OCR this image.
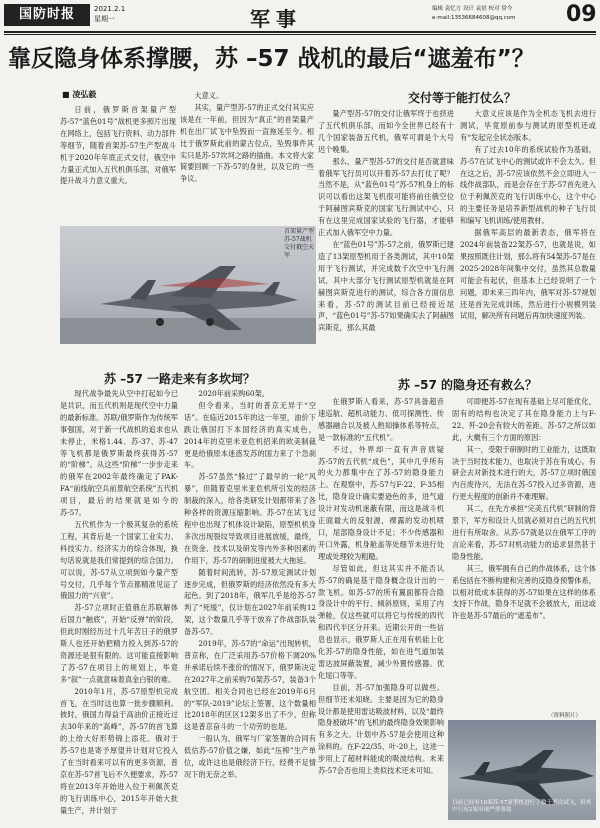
国防时报	2021.2.1
星期一	军事	编辑 袁忆方 设计 袁晨 校对 常今
e-mail:13536684608@qq.com	09
靠反隐身体系撑腰，苏 –57 战机的最后“遮羞布”？
■ 凌弘毅

日前，俄罗斯首架量产型苏-57“蓝色01号”战机更多照片出现在网络上，包括飞行资料、动力部件等细节，随着首架苏-57生产型战斗机于2020年年底正式交付，俄空中力量正式加入五代机俱乐部，对俄军提升战斗力意义重大。

大意义。

其实，量产型苏-57的正式交付其实应该是在一年前，但因为“真正”的首架量产机在出厂试飞中坠毁而一直拖延至今。相比于俄罗斯此前的蒙古位点，坠毁事件其实只是苏-57坎坷之路的插曲。本文将大家简要回顾一下苏-57的身世，以及它的一些争议。

首架量产型苏-57战机交付俄空天军
苏 –57 一路走来有多坎坷？

现代战争最先从空中打起如今已是共识，而五代机则是现代空中力量的最新标准。苏联/俄罗斯作为传统军事强国，对于新一代战机的追求也从未停止，米格1.44、苏-37、苏-47等飞机都是俄罗斯最终获得苏-57的“阶梯”。从这些“阶梯”一步步走来的俄军在2002年最终确定了PAK-FA“前线航空兵前景航空系统”五代机项目，最后的结果就是如今的苏-57。

五代机作为一个极其复杂的系统工程，其背后是一个国家工业实力、科技实力、经济实力的综合体现，换句话说就是我们常提到的综合国力。可以说，苏-57从立项到如今量产型号交付，几乎每个节点都精准见证了俄国力的“兴衰”。

苏-57立项时正值俄在苏联解体后国力“触底”，开始“反弹”的阶段，但此时刚经历过十几年苦日子的俄罗斯人也还开始把精力投入到苏-57的资源还是很有限的。这可能直接影响了苏-57在项目上的规划上，毕竟多“叙”一点就意味着真金白银的难。

2010年1月，苏-57原型机完成首飞，在当时这也算一批步骤顺利。彼时，俄国力得益于高油价正接近过去30年来的“高峰”，苏-57的首飞算的上给大好形势锦上添花。俄对于苏-57也是寄予厚望并计划对它投入了在当时看来可以有的更多资源，普京在苏-57首飞后不久便要求，苏-57将在2013年开始进入位于利佩茨克的飞行训练中心，2015年开始大批量生产，并计划于

2020年前采购60架。

但令看来，当时的普京无异于“空话”。在临近2015年的这一年里，油价下跌让俄国打下本国经济的真实成色，2014年的克里米亚危机招来的欧美制裁更是给俄原本迷惑发苏的国力来了个急刹车。

苏-57虽然“躲过”了最早的一轮“风暴”，但随着克里米亚危机所引发的经济制裁的深入，给各类研发计划都带来了各种各样的资源压缩影响。苏-57在试飞过程中也出现了机体设计缺陷，原型机机身多次出现裂纹导致项目进展放缓，最终，在资金、技术以及研发等内外多种因素的作用下，苏-57的研制进度被大大拖延。

随着时间流转，苏-57原定测试计划逐步完成，但俄罗斯的经济依然没有多大起色。到了2018年，俄军几乎是给苏-57判了“死缓”，仅计划在2027年前采购12架，这个数量几乎等于放弃了作战部队装备苏-57。

2019年，苏-57的“命运”出现转机，普京称，在广泛采用苏-57价格下调20%并承诺后续不涨价的情况下，俄罗斯决定在2027年之前采购76架苏-57，装备3个航空团。相关合同也已经在2019年6月的“军队-2019”论坛上签署，这个数量相比2018年的区区12架多出了不少，但称这是普京奋斗的一个功劳的也是。

一般认为，俄军与厂家签署的合同有低估苏-57价值之嫌，如此“压榨”生产单位，或许这也是俄经济下行，经费不足情况下的无奈之举。

交付等于能打仗么？

量产型苏-57的交付让俄军终于也挤进了五代机俱乐部，而如今全世界已经有十几个国家装备五代机，俄军可谓是个大号迟个晚集。

那么，量产型苏-57的交付是否就意味着俄军飞行员可以开着苏-57去打仗了呢？当然不是，从“蓝色01号”苏-57机身上的标识可以看出这架飞机很可能将前往俄空位于阿赫图宾斯克的国家飞行测试中心，只有在这里完成国家试验的飞行器，才能够正式加入俄军空中力量。

在“蓝色01号”苏-57之前，俄罗斯已建造了13架原型机用于各类测试，其中10架用于飞行测试，并完成数千次空中飞行测试，其中大部分飞行测试原型机就是在阿赫图宾斯克进行的测试，综合各方面信息来看，苏-57的测试目前已经接近尾声，“蓝色01号”苏-57如果确实去了阿赫图宾斯克，那么其最

大意义应该是作为全机态飞机去进行测试，毕竟原前参与测试的原型机还或有“发起完全状态版本。

有了过去10年的系统试验作为基础，苏-57在试飞中心的测试或许不会太久。但在这之后，苏-57应该依然不会立即进入一线作战部队，而是会存在于苏-57首先进入位于利佩茨克的飞行训练中心，这个中心的主要任务是培养新型战机的种子飞行员和编写飞机训练/使用教材。

据俄军高层的最新表态，俄军将在2024年前装备22架苏-57，也就是说，如果按照既往计划，那么将有54架苏-57是在2025-2028年间集中交付，虽然其总数量可能会有起伏，但基本上已经说明了一个问题，即未来三四年内，俄军对苏-57规划还是首先完成训练，然后进行小规模列装试用，解决所有问题后再加快速度列装。

苏 –57 的隐身还有救么？

在俄罗斯人看来，苏-57具备超音速巡航、超机动能力、低可探测性、传感器融合以及被人熟知操体系等特点，是一款标准的“五代机”。

不过，外界却一直有声音质疑苏-57的五代机“成色”，其中几乎所有的火力都集中在了苏-57的隐身能力上。在观察中，苏-57与F-22、F-35相比，隐身设计确实要逊色的多，进气道设计对发动机迷蔽有限，而这是战斗机正面最大的反射源，裸露的发动机喷口，尾部隐身设计不足；不少传感器和开口外露，机身舱盖等处细节未进行处理或处理较为粗糙。

尽管如此，但这其实并不能否认苏-57的确是基于隐身概念设计出的一款飞机。如苏-57的所有翼面都符合隐身设计中的平行、倾斜原则，采用了内弹舱，仅这些就可以将它与传统的四代和四代半区分开来。近期公开的一些信息也显示，俄罗斯人正在用有机硅上化化苏-57的隐身性能，如在进气道加装雷达波屏蔽装置，减少外置传感器。优化尾口等等。

目前，苏-57加强隐身可以做些。但细节还未知晓。主要是因为它的隐身设计都是使用雷达吸波材料，以及“最终隐身被破坏”的飞机的最终隐身效果影响有多之大。计划中苏-57是会使用这种涂料的。在F-22/35、叶-20上，这进一步用上了超材料能成的吸波结构。未来苏-57会否也用上类似技术还未可知。

可即便苏-57在现有基础上尽可能优化，固有的结构也决定了其在隐身能力上与F-22、歼-20会有较大的差距。苏-57之所以如此，大概有三个方面的原因：

其一，受限于研制时的工业能力，这既取决于当时技术能力，也取决于苏在有成心。有研会去对新技术进行的大，苏-57立项时俄国内百废待兴，无法在苏-57投入过多资源，进行更大程度的创新并不难理解。

其二，在先方承担“完美五代机”研制的背景下，军方和设计人员就必须对自己的五代机进行有所取舍。从苏-57就是以在俄军工序的言论来看，苏-57对机动能力的追求显然甚于隐身性能。

其三，俄军拥有自己的作战体系，这个体系包括在不断构建和完善的反隐身预警体系，以相对低成本获得的苏-57如果在这样的体系支持下作战，隐身不足就不会被放大，而这或许也是苏-57最后的“遮羞布”。

（资料照片）
目前已经有10架苏-57原型机进行了数千架次试飞，但其中只有2架出现严重事故
